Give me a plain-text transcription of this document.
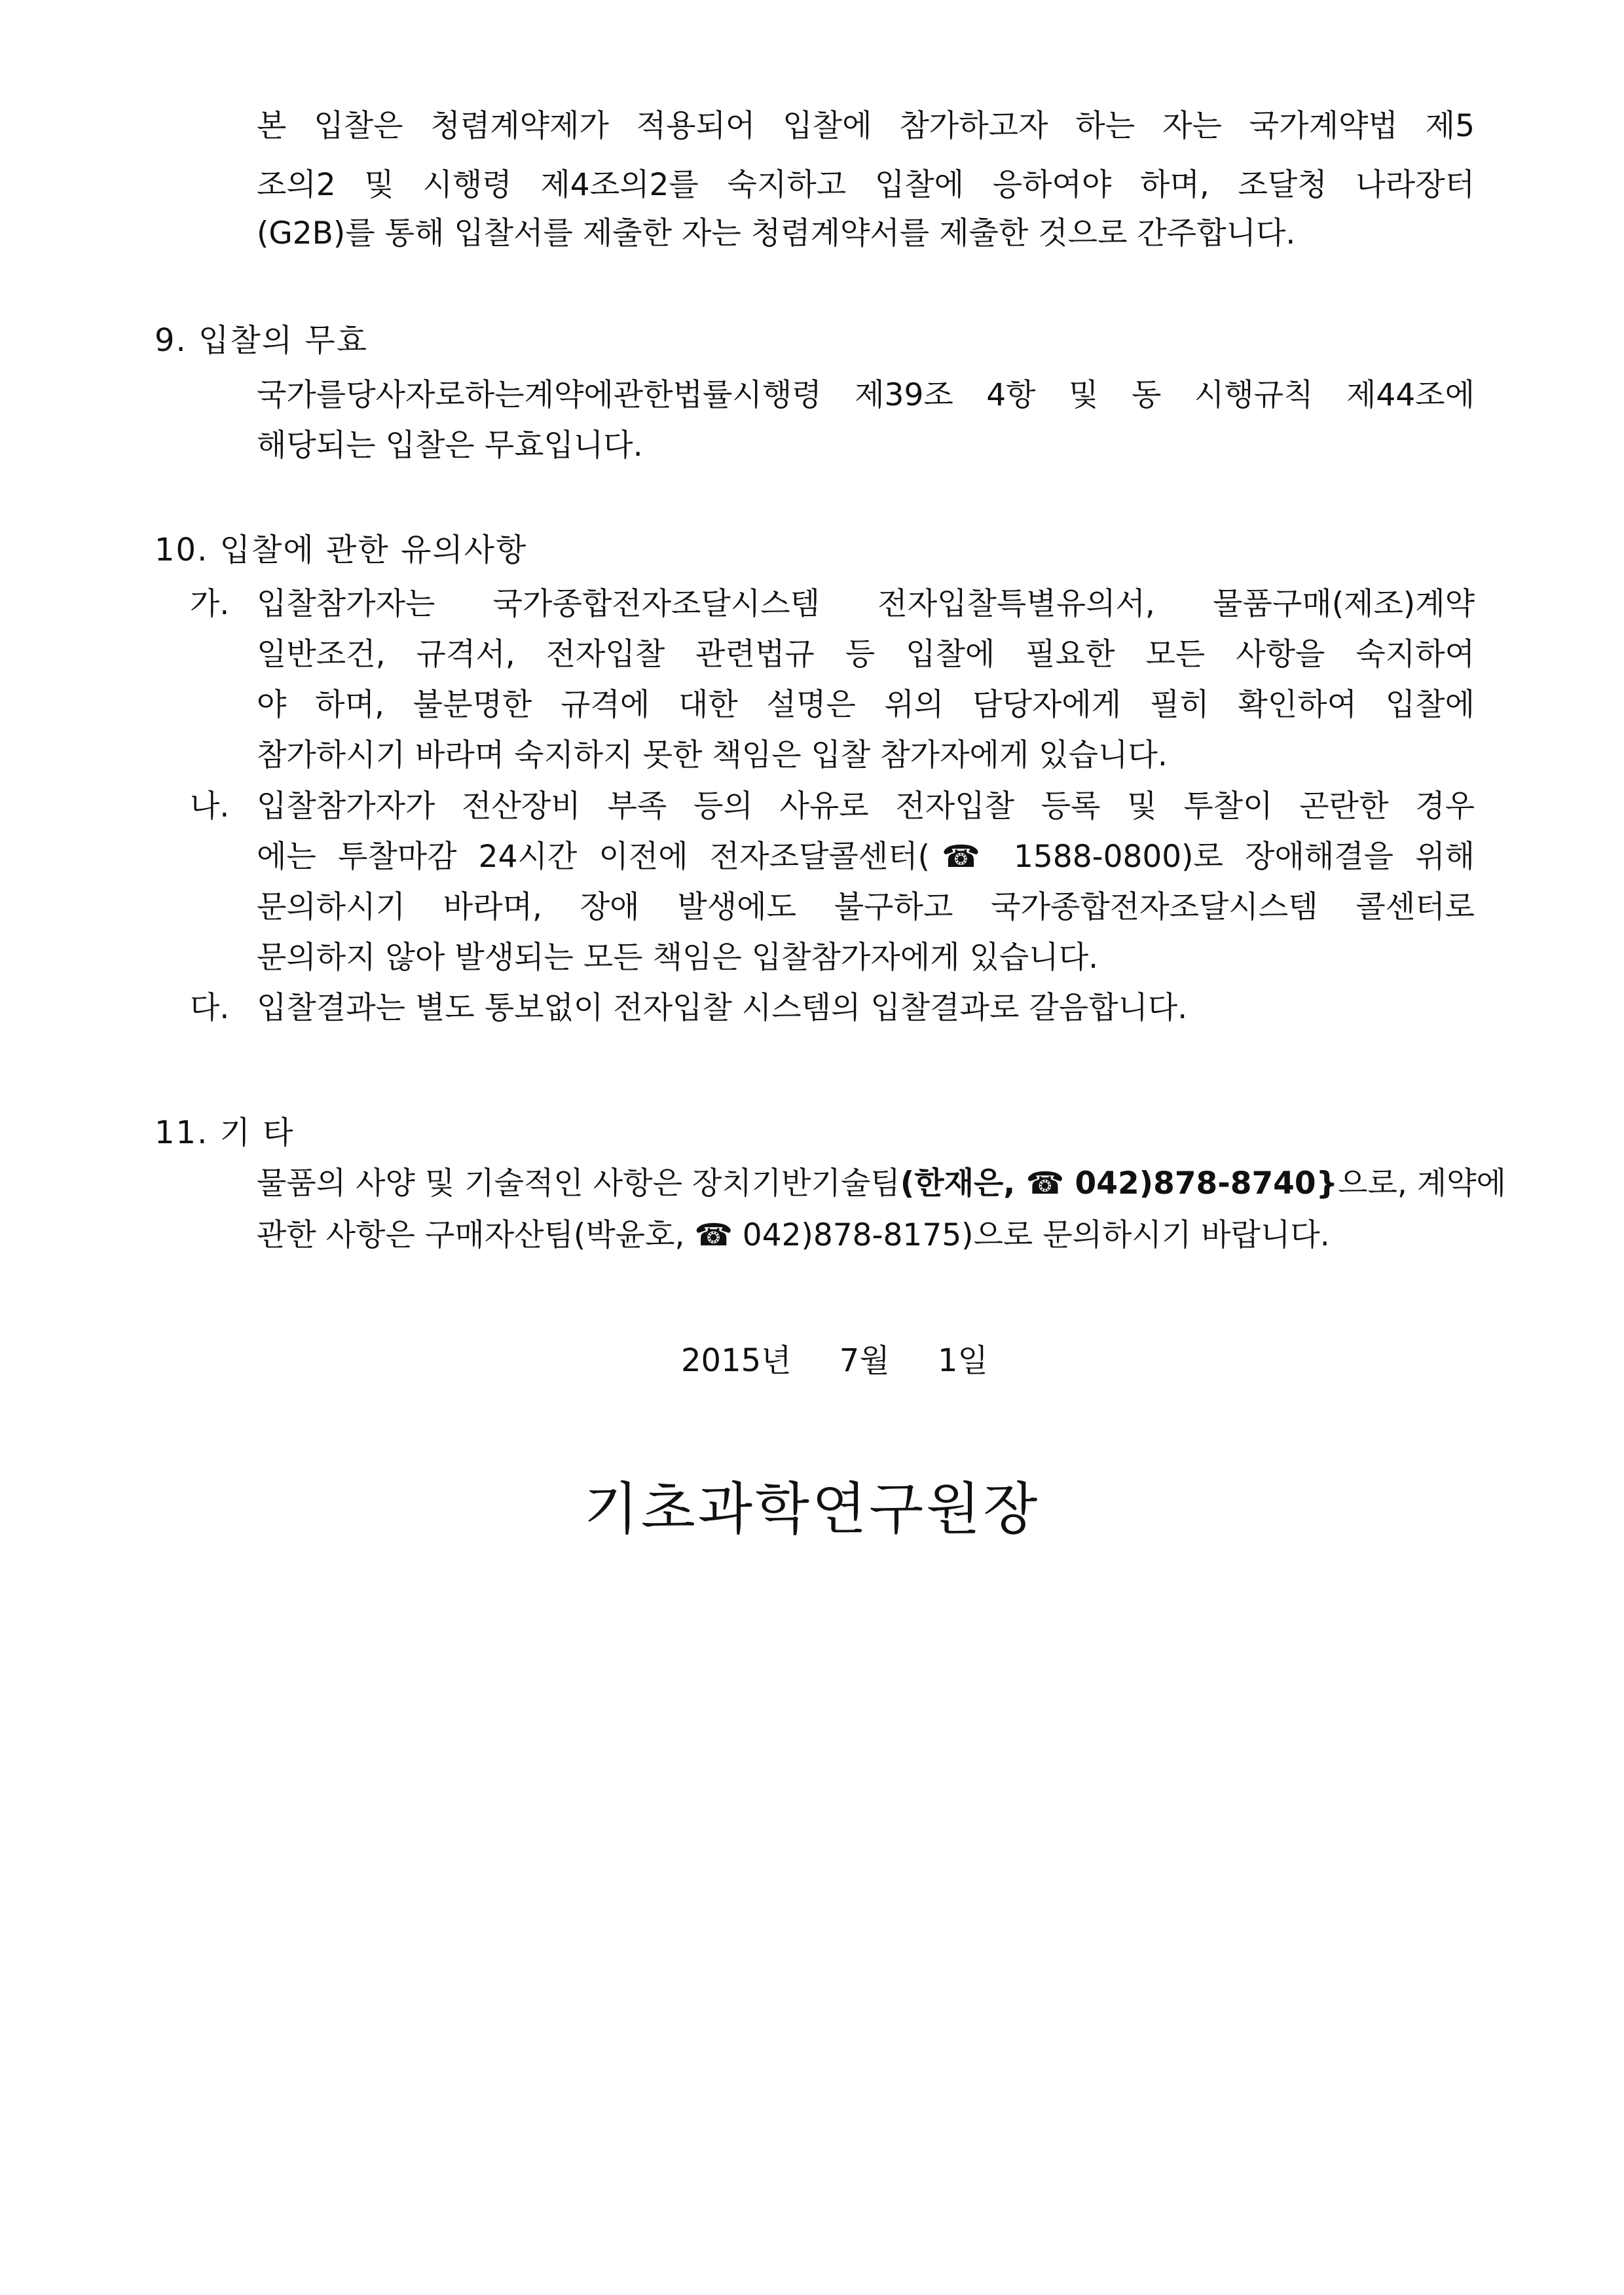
본 입찰은 청렴계약제가 적용되어 입찰에 참가하고자 하는 자는 국가계약법 제5
조의2 및 시행령 제4조의2를 숙지하고 입찰에 응하여야 하며, 조달청 나라장터
(G2B)를 통해 입찰서를 제출한 자는 청렴계약서를 제출한 것으로 간주합니다.
9. 입찰의 무효
국가를당사자로하는계약에관한법률시행령 제39조 4항 및 동 시행규칙 제44조에
해당되는 입찰은 무효입니다.
10. 입찰에 관한 유의사항
가. 입찰참가자는 국가종합전자조달시스템 전자입찰특별유의서, 물품구매(제조)계약
일반조건, 규격서, 전자입찰 관련법규 등 입찰에 필요한 모든 사항을 숙지하여
야 하며, 불분명한 규격에 대한 설명은 위의 담당자에게 필히 확인하여 입찰에
참가하시기 바라며 숙지하지 못한 책임은 입찰 참가자에게 있습니다.
나. 입찰참가자가 전산장비 부족 등의 사유로 전자입찰 등록 및 투찰이 곤란한 경우
에는 투찰마감 24시간 이전에 전자조달콜센터(☎ 1588-0800)로 장애해결을 위해
문의하시기 바라며, 장애 발생에도 불구하고 국가종합전자조달시스템 콜센터로
문의하지 않아 발생되는 모든 책임은 입찰참가자에게 있습니다.
다. 입찰결과는 별도 통보없이 전자입찰 시스템의 입찰결과로 갈음합니다.
11. 기 타
물품의 사양 및 기술적인 사항은 장치기반기술팀 (한재은, ☎ 042)878-8740} 으로, 계약에
관한 사항은 구매자산팀(박윤호, ☎ 042)878-8175)으로 문의하시기 바랍니다.
2015년 7월 1일
기초과학연구원장
